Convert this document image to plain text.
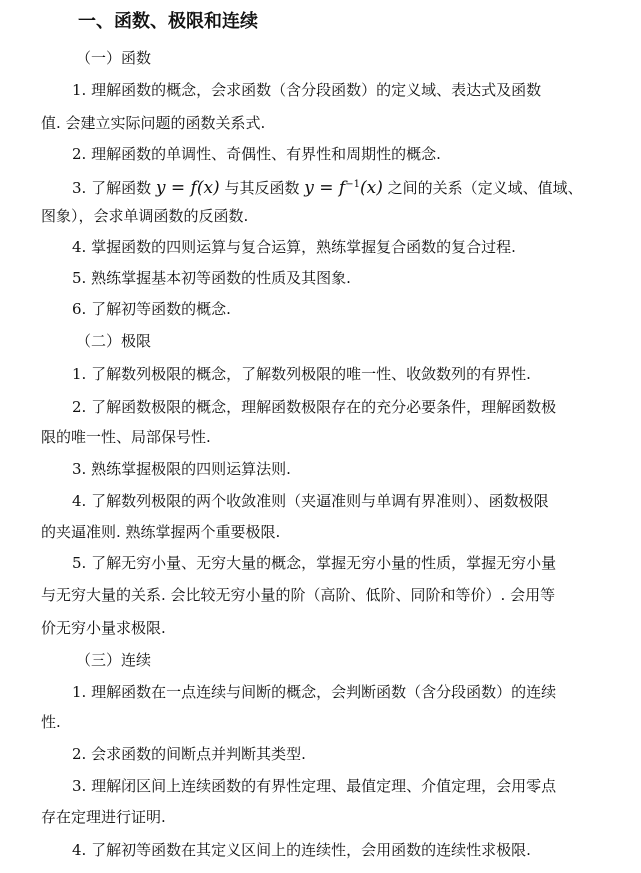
一、函数、极限和连续
（一）函数
1. 理解函数的概念，会求函数（含分段函数）的定义域、表达式及函数
值. 会建立实际问题的函数关系式.
2. 理解函数的单调性、奇偶性、有界性和周期性的概念.
3. 了解函数 y = f(x) 与其反函数 $y = f^{-1}(x)$ 之间的关系（定义域、值域、
图象），会求单调函数的反函数.
4. 掌握函数的四则运算与复合运算，熟练掌握复合函数的复合过程.
5. 熟练掌握基本初等函数的性质及其图象.
6. 了解初等函数的概念.
（二）极限
1. 了解数列极限的概念，了解数列极限的唯一性、收敛数列的有界性.
2. 了解函数极限的概念，理解函数极限存在的充分必要条件，理解函数极
限的唯一性、局部保号性.
3. 熟练掌握极限的四则运算法则.
4. 了解数列极限的两个收敛准则（夹逼准则与单调有界准则）、函数极限
的夹逼准则. 熟练掌握两个重要极限.
5. 了解无穷小量、无穷大量的概念，掌握无穷小量的性质，掌握无穷小量
与无穷大量的关系. 会比较无穷小量的阶（高阶、低阶、同阶和等价）. 会用等
价无穷小量求极限.
（三）连续
1. 理解函数在一点连续与间断的概念，会判断函数（含分段函数）的连续
性.
2. 会求函数的间断点并判断其类型.
3. 理解闭区间上连续函数的有界性定理、最值定理、介值定理，会用零点
存在定理进行证明.
4. 了解初等函数在其定义区间上的连续性，会用函数的连续性求极限.
